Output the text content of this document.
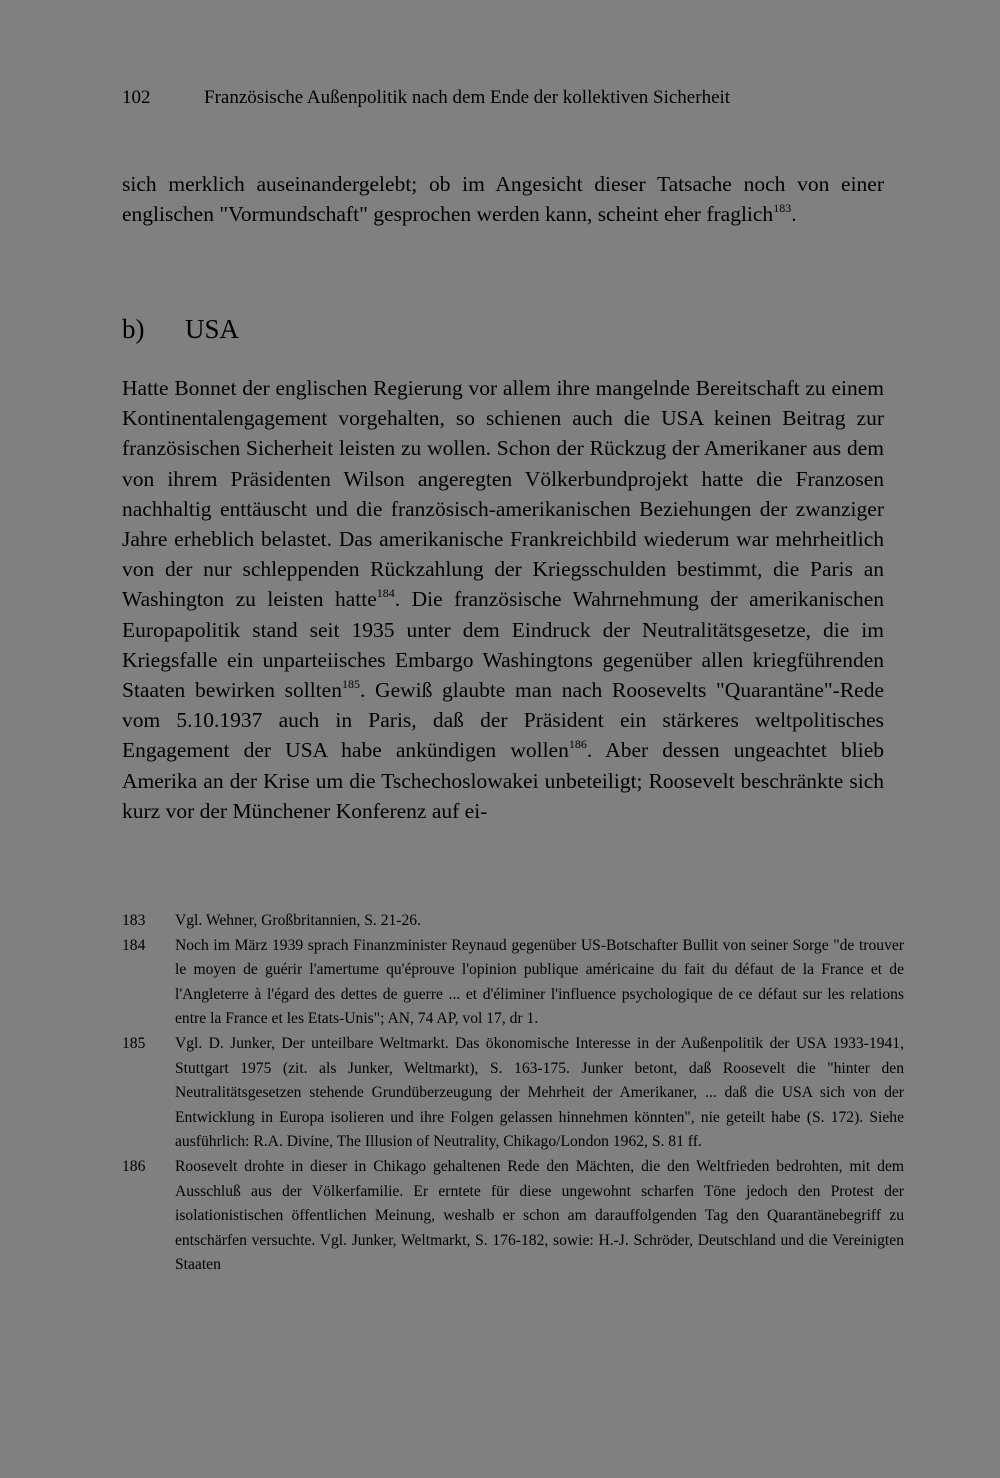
102	Französische Außenpolitik nach dem Ende der kollektiven Sicherheit

sich merklich auseinandergelebt; ob im Angesicht dieser Tatsache noch von einer englischen "Vormundschaft" gesprochen werden kann, scheint eher fraglich$^{183}$.

b) USA

Hatte Bonnet der englischen Regierung vor allem ihre mangelnde Bereitschaft zu einem Kontinentalengagement vorgehalten, so schienen auch die USA keinen Beitrag zur französischen Sicherheit leisten zu wollen. Schon der Rückzug der Amerikaner aus dem von ihrem Präsidenten Wilson angeregten Völkerbundprojekt hatte die Franzosen nachhaltig enttäuscht und die französisch-amerikanischen Beziehungen der zwanziger Jahre erheblich belastet. Das amerikanische Frankreichbild wiederum war mehrheitlich von der nur schleppenden Rückzahlung der Kriegsschulden bestimmt, die Paris an Washington zu leisten hatte$^{184}$. Die französische Wahrnehmung der amerikanischen Europapolitik stand seit 1935 unter dem Eindruck der Neutralitätsgesetze, die im Kriegsfalle ein unparteiisches Embargo Washingtons gegenüber allen kriegführenden Staaten bewirken sollten$^{185}$. Gewiß glaubte man nach Roosevelts "Quarantäne"-Rede vom 5.10.1937 auch in Paris, daß der Präsident ein stärkeres weltpolitisches Engagement der USA habe ankündigen wollen$^{186}$. Aber dessen ungeachtet blieb Amerika an der Krise um die Tschechoslowakei unbeteiligt; Roosevelt beschränkte sich kurz vor der Münchener Konferenz auf ei-

183	Vgl. Wehner, Großbritannien, S. 21-26.
184	Noch im März 1939 sprach Finanzminister Reynaud gegenüber US-Botschafter Bullit von seiner Sorge "de trouver le moyen de guérir l'amertume qu'éprouve l'opinion publique américaine du fait du défaut de la France et de l'Angleterre à l'égard des dettes de guerre ... et d'éliminer l'influence psychologique de ce défaut sur les relations entre la France et les Etats-Unis"; AN, 74 AP, vol 17, dr 1.
185	Vgl. D. Junker, Der unteilbare Weltmarkt. Das ökonomische Interesse in der Außenpolitik der USA 1933-1941, Stuttgart 1975 (zit. als Junker, Weltmarkt), S. 163-175. Junker betont, daß Roosevelt die "hinter den Neutralitätsgesetzen stehende Grundüberzeugung der Mehrheit der Amerikaner, ... daß die USA sich von der Entwicklung in Europa isolieren und ihre Folgen gelassen hinnehmen könnten", nie geteilt habe (S. 172). Siehe ausführlich: R.A. Divine, The Illusion of Neutrality, Chikago/London 1962, S. 81 ff.
186	Roosevelt drohte in dieser in Chikago gehaltenen Rede den Mächten, die den Weltfrieden bedrohten, mit dem Ausschluß aus der Völkerfamilie. Er erntete für diese ungewohnt scharfen Töne jedoch den Protest der isolationistischen öffentlichen Meinung, weshalb er schon am darauffolgenden Tag den Quarantänebegriff zu entschärfen versuchte. Vgl. Junker, Weltmarkt, S. 176-182, sowie: H.-J. Schröder, Deutschland und die Vereinigten Staaten
